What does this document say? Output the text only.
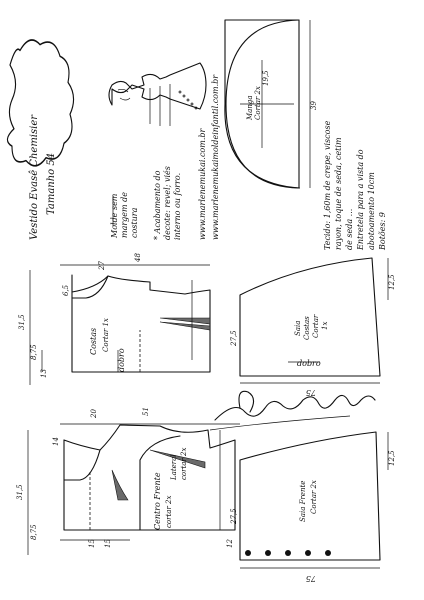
Vestido Evasê Chemisier Tamanho 54
Molde sem margem de costura * Acabamento do decote: revel; viés interno ou forro. www.marlenemukai.com.br www.marlenemukaimoldeinfantil.com.br	Manga Cortar 2x
19,5
39
Tecido: 1,60m de crepe, viscose rayon, toque de seda, cetim de seda ... Entretela para a vista do abotoamento 10cm Botões: 9
Costas Cortar 1x
dobro
27
48
6,5
31,5
8,75
13
Centro Frente cortar 2x
Lateral cortar 2x
20	51
31,5
14
8,75
15 15	12
Saia Costas Cortar 1x
dobro
27,5
12,5
75
Saia Frente Cortar 2x
27,5
12,5
75
